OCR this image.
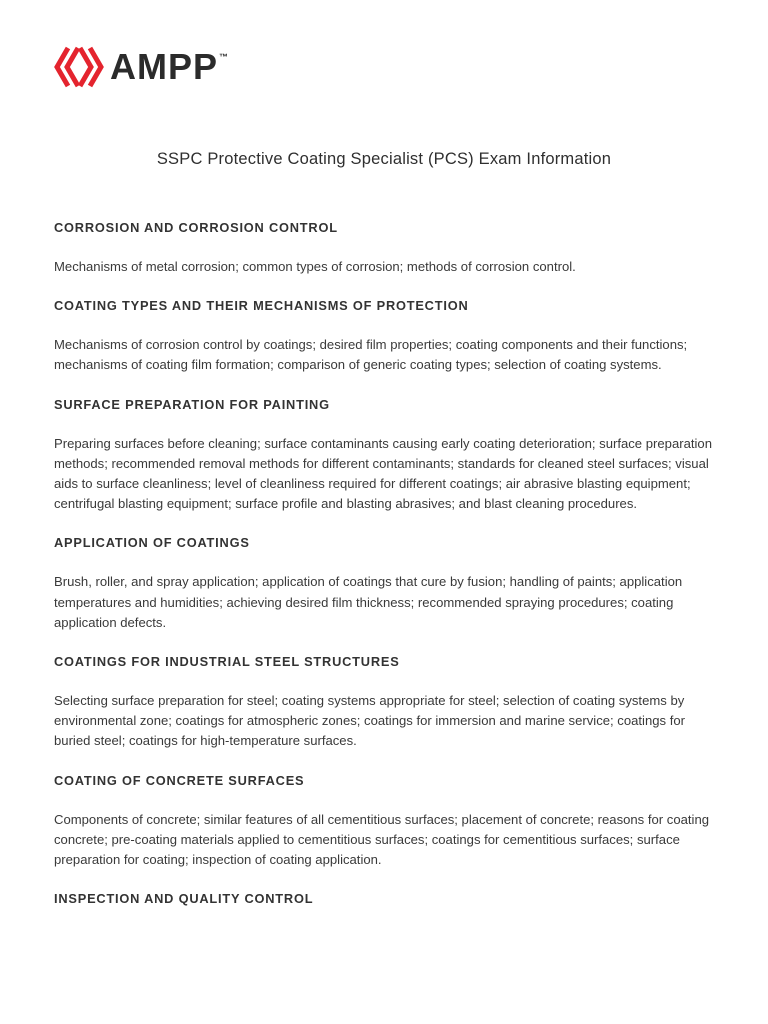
AMPP ™
SSPC Protective Coating Specialist (PCS) Exam Information
CORROSION AND CORROSION CONTROL
Mechanisms of metal corrosion; common types of corrosion; methods of corrosion control.
COATING TYPES AND THEIR MECHANISMS OF PROTECTION
Mechanisms of corrosion control by coatings; desired film properties; coating components and their functions; mechanisms of coating film formation; comparison of generic coating types; selection of coating systems.
SURFACE PREPARATION FOR PAINTING
Preparing surfaces before cleaning; surface contaminants causing early coating deterioration; surface preparation methods; recommended removal methods for different contaminants; standards for cleaned steel surfaces; visual aids to surface cleanliness; level of cleanliness required for different coatings; air abrasive blasting equipment; centrifugal blasting equipment; surface profile and blasting abrasives; and blast cleaning procedures.
APPLICATION OF COATINGS
Brush, roller, and spray application; application of coatings that cure by fusion; handling of paints; application temperatures and humidities; achieving desired film thickness; recommended spraying procedures; coating application defects.
COATINGS FOR INDUSTRIAL STEEL STRUCTURES
Selecting surface preparation for steel; coating systems appropriate for steel; selection of coating systems by environmental zone; coatings for atmospheric zones; coatings for immersion and marine service; coatings for buried steel; coatings for high-temperature surfaces.
COATING OF CONCRETE SURFACES
Components of concrete; similar features of all cementitious surfaces; placement of concrete; reasons for coating concrete; pre-coating materials applied to cementitious surfaces; coatings for cementitious surfaces; surface preparation for coating; inspection of coating application.
INSPECTION AND QUALITY CONTROL
